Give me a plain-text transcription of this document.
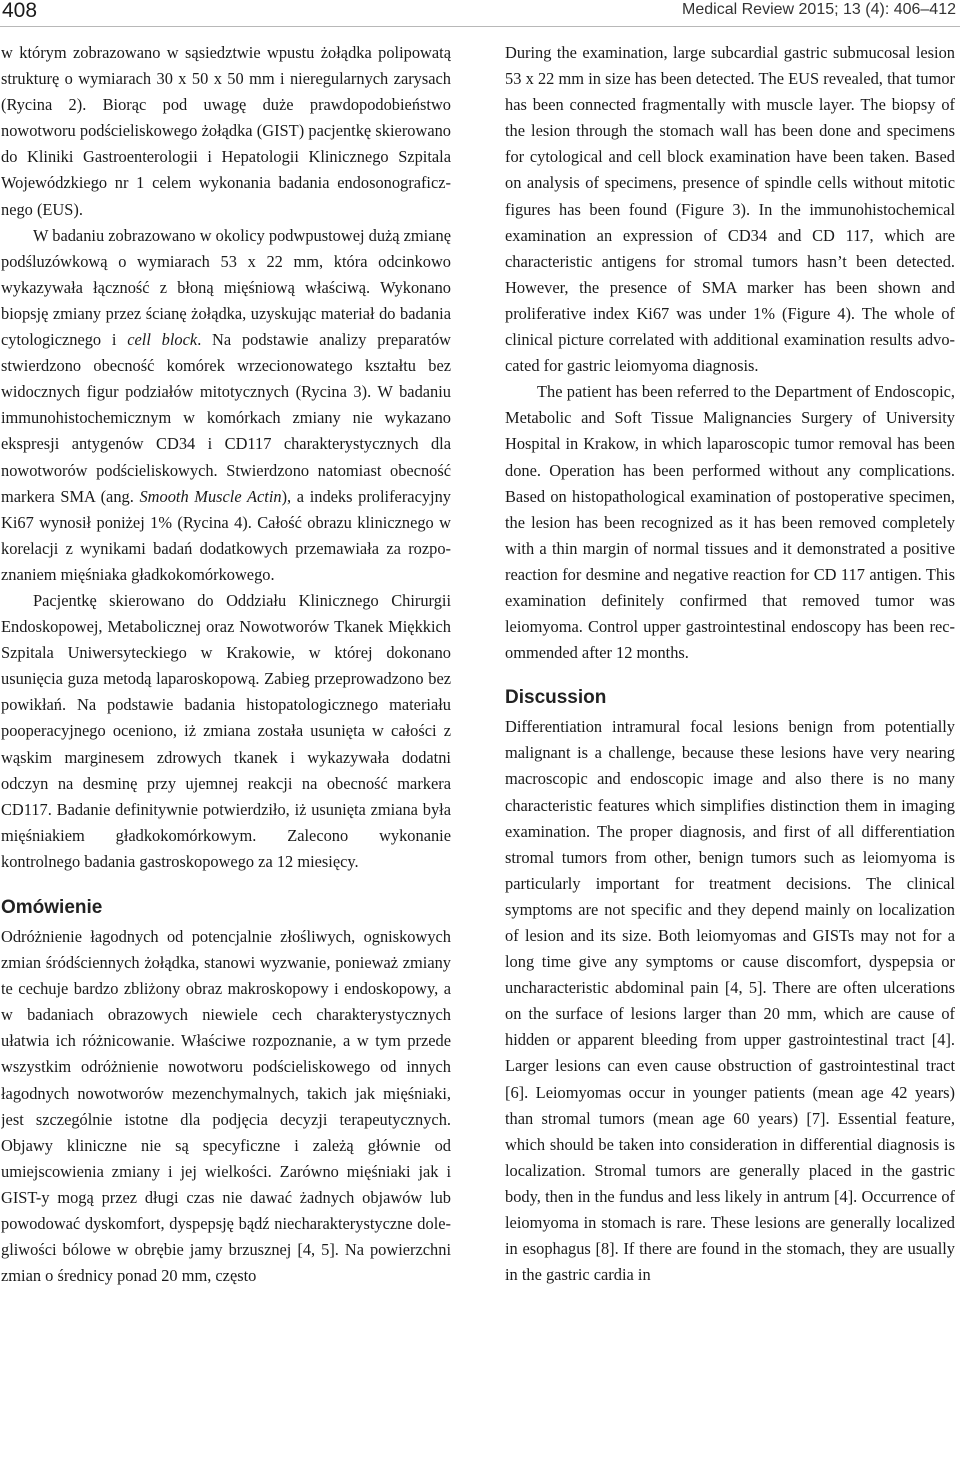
408	Medical Review 2015; 13 (4): 406–412

w którym zobrazowano w sąsiedztwie wpustu żołądka polipowatą strukturę o wymiarach 30 x 50 x 50 mm i nieregularnych zarysach (Rycina 2). Biorąc pod uwagę duże prawdopodobieństwo nowotworu podścieliskowego żołądka (GIST) pacjentkę skierowano do Kliniki Gastroenterologii i Hepatologii Klinicznego Szpitala Wojewódzkiego nr 1 celem wykonania badania endosonograficznego (EUS).

W badaniu zobrazowano w okolicy podwpustowej dużą zmianę podśluzówkową o wymiarach 53 x 22 mm, która odcinkowo wykazywała łączność z błoną mięśniową właściwą. Wykonano biopsję zmiany przez ścianę żołądka, uzyskując materiał do badania cytologicznego i cell block. Na podstawie analizy preparatów stwierdzono obecność komórek wrzecionowatego kształtu bez widocznych figur podziałów mitotycznych (Rycina 3). W badaniu immunohistochemicznym w komórkach zmiany nie wykazano ekspresji antygenów CD34 i CD117 charakterystycznych dla nowotworów podścieliskowych. Stwierdzono natomiast obecność markera SMA (ang. Smooth Muscle Actin), a indeks proliferacyjny Ki67 wynosił poniżej 1% (Rycina 4). Całość obrazu klinicznego w korelacji z wynikami badań dodatkowych przemawiała za rozpoznaniem mięśniaka gładkokomórkowego.

Pacjentkę skierowano do Oddziału Klinicznego Chirurgii Endoskopowej, Metabolicznej oraz Nowotworów Tkanek Miękkich Szpitala Uniwersyteckiego w Krakowie, w której dokonano usunięcia guza metodą laparoskopową. Zabieg przeprowadzono bez powikłań. Na podstawie badania histopatologicznego materiału pooperacyjnego oceniono, iż zmiana została usunięta w całości z wąskim marginesem zdrowych tkanek i wykazywała dodatni odczyn na desminę przy ujemnej reakcji na obecność markera CD117. Badanie definitywnie potwierdziło, iż usunięta zmiana była mięśniakiem gładkokomórkowym. Zalecono wykonanie kontrolnego badania gastroskopowego za 12 miesięcy.

Omówienie

Odróżnienie łagodnych od potencjalnie złośliwych, ogniskowych zmian śródściennych żołądka, stanowi wyzwanie, ponieważ zmiany te cechuje bardzo zbliżony obraz makroskopowy i endoskopowy, a w badaniach obrazowych niewiele cech charakterystycznych ułatwia ich różnicowanie. Właściwe rozpoznanie, a w tym przede wszystkim odróżnienie nowotworu podścieliskowego od innych łagodnych nowotworów mezenchymalnych, takich jak mięśniaki, jest szczególnie istotne dla podjęcia decyzji terapeutycznych. Objawy kliniczne nie są specyficzne i zależą głównie od umiejscowienia zmiany i jej wielkości. Zarówno mięśniaki jak i GIST-y mogą przez długi czas nie dawać żadnych objawów lub powodować dyskomfort, dyspepsję bądź niecharakterystyczne dolegliwości bólowe w obrębie jamy brzusznej [4, 5]. Na powierzchni zmian o średnicy ponad 20 mm, często

During the examination, large subcardial gastric submucosal lesion 53 x 22 mm in size has been detected. The EUS revealed, that tumor has been connected fragmentally with muscle layer. The biopsy of the lesion through the stomach wall has been done and specimens for cytological and cell block examination have been taken. Based on analysis of specimens, presence of spindle cells without mitotic figures has been found (Figure 3). In the immunohistochemical examination an expression of CD34 and CD 117, which are characteristic antigens for stromal tumors hasn’t been detected. However, the presence of SMA marker has been shown and proliferative index Ki67 was under 1% (Figure 4). The whole of clinical picture correlated with additional examination results advocated for gastric leiomyoma diagnosis.

The patient has been referred to the Department of Endoscopic, Metabolic and Soft Tissue Malignancies Surgery of University Hospital in Krakow, in which laparoscopic tumor removal has been done. Operation has been performed without any complications. Based on histopathological examination of postoperative specimen, the lesion has been recognized as it has been removed completely with a thin margin of normal tissues and it demonstrated a positive reaction for desmine and negative reaction for CD 117 antigen. This examination definitely confirmed that removed tumor was leiomyoma. Control upper gastrointestinal endoscopy has been recommended after 12 months.

Discussion

Differentiation intramural focal lesions benign from potentially malignant is a challenge, because these lesions have very nearing macroscopic and endoscopic image and also there is no many characteristic features which simplifies distinction them in imaging examination. The proper diagnosis, and first of all differentiation stromal tumors from other, benign tumors such as leiomyoma is particularly important for treatment decisions. The clinical symptoms are not specific and they depend mainly on localization of lesion and its size. Both leiomyomas and GISTs may not for a long time give any symptoms or cause discomfort, dyspepsia or uncharacteristic abdominal pain [4, 5]. There are often ulcerations on the surface of lesions larger than 20 mm, which are cause of hidden or apparent bleeding from upper gastrointestinal tract [4]. Larger lesions can even cause obstruction of gastrointestinal tract [6]. Leiomyomas occur in younger patients (mean age 42 years) than stromal tumors (mean age 60 years) [7]. Essential feature, which should be taken into consideration in differential diagnosis is localization. Stromal tumors are generally placed in the gastric body, then in the fundus and less likely in antrum [4]. Occurrence of leiomyoma in stomach is rare. These lesions are generally localized in esophagus [8]. If there are found in the stomach, they are usually in the gastric cardia in
